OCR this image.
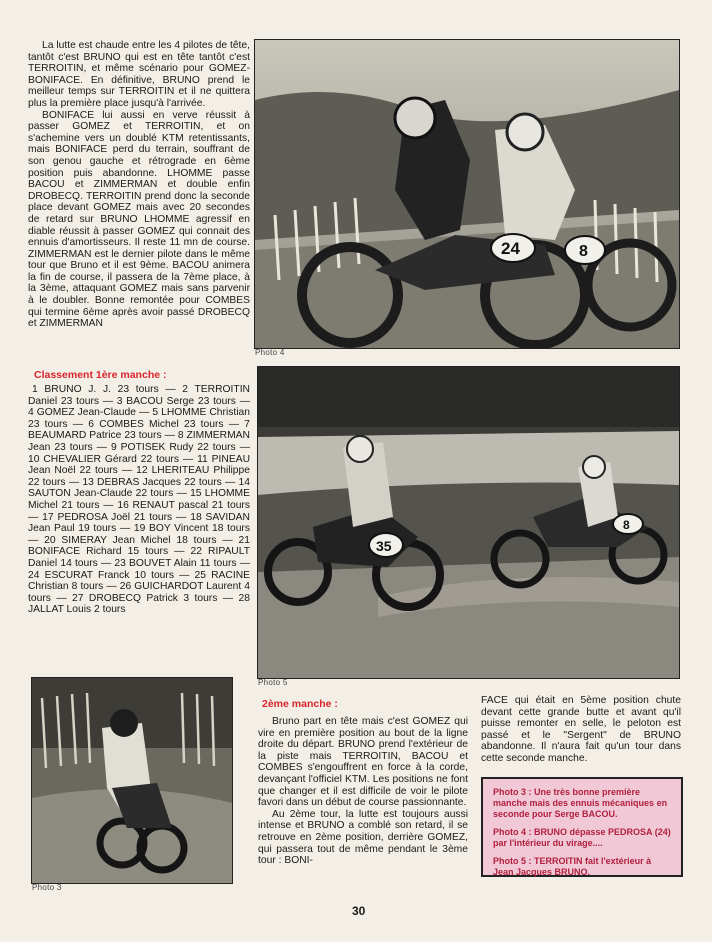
La lutte est chaude entre les 4 pilotes de tête, tantôt c'est BRUNO qui est en tête tantôt c'est TERROITIN, et même scénario pour GOMEZ-BONIFACE. En définitive, BRUNO prend le meilleur temps sur TERROITIN et il ne quittera plus la première place jusqu'à l'arrivée.

BONIFACE lui aussi en verve réussit à passer GOMEZ et TERROITIN, et on s'achemine vers un doublé KTM retentissants, mais BONIFACE perd du terrain, souffrant de son genou gauche et rétrograde en 6ème position puis abandonne. LHOMME passe BACOU et ZIMMERMAN et double enfin DROBECQ. TERROITIN prend donc la seconde place devant GOMEZ mais avec 20 secondes de retard sur BRUNO LHOMME agressif en diable réussit à passer GOMEZ qui connait des ennuis d'amortisseurs. Il reste 11 mn de course. ZIMMERMAN est le dernier pilote dans le même tour que Bruno et il est 9ème. BACOU animera la fin de course, il passera de la 7ème place, à la 3ème, attaquant GOMEZ mais sans parvenir à le doubler. Bonne remontée pour COMBES qui termine 6ème après avoir passé DROBECQ et ZIMMERMAN

Classement 1ère manche :

1 BRUNO J. J. 23 tours — 2 TERROITIN Daniel 23 tours — 3 BACOU Serge 23 tours — 4 GOMEZ Jean-Claude — 5 LHOMME Christian 23 tours — 6 COMBES Michel 23 tours — 7 BEAUMARD Patrice 23 tours — 8 ZIMMERMAN Jean 23 tours — 9 POTISEK Rudy 22 tours — 10 CHEVALIER Gérard 22 tours — 11 PINEAU Jean Noël 22 tours — 12 LHERITEAU Philippe 22 tours — 13 DEBRAS Jacques 22 tours — 14 SAUTON Jean-Claude 22 tours — 15 LHOMME Michel 21 tours — 16 RENAUT pascal 21 tours — 17 PEDROSA Joël 21 tours — 18 SAVIDAN Jean Paul 19 tours — 19 BOY Vincent 18 tours — 20 SIMERAY Jean Michel 18 tours — 21 BONIFACE Richard 15 tours — 22 RIPAULT Daniel 14 tours — 23 BOUVET Alain 11 tours — 24 ESCURAT Franck 10 tours — 25 RACINE Christian 8 tours — 26 GUICHARDOT Laurent 4 tours — 27 DROBECQ Patrick 3 tours — 28 JALLAT Louis 2 tours

24	8
Photo 4
35
8
Photo 5
Photo 3
2ème manche :

Bruno part en tête mais c'est GOMEZ qui vire en première position au bout de la ligne droite du départ. BRUNO prend l'extérieur de la piste mais TERROITIN, BACOU et COMBES s'engouffrent en force à la corde, devançant l'officiel KTM. Les positions ne font que changer et il est difficile de voir le pilote favori dans un début de course passionnante.

Au 2ème tour, la lutte est toujours aussi intense et BRUNO a comblé son retard, il se retrouve en 2ème position, derrière GOMEZ, qui passera tout de même pendant le 3ème tour : BONI-

FACE qui était en 5ème position chute devant cette grande butte et avant qu'il puisse remonter en selle, le peloton est passé et le "Sergent" de BRUNO abandonne. Il n'aura fait qu'un tour dans cette seconde manche.

Photo 3 : Une très bonne première manche mais des ennuis mécaniques en seconde pour Serge BACOU.

Photo 4 : BRUNO dépasse PEDROSA (24) par l'intérieur du virage....

Photo 5 : TERROITIN fait l'extérieur à Jean Jacques BRUNO.

30
